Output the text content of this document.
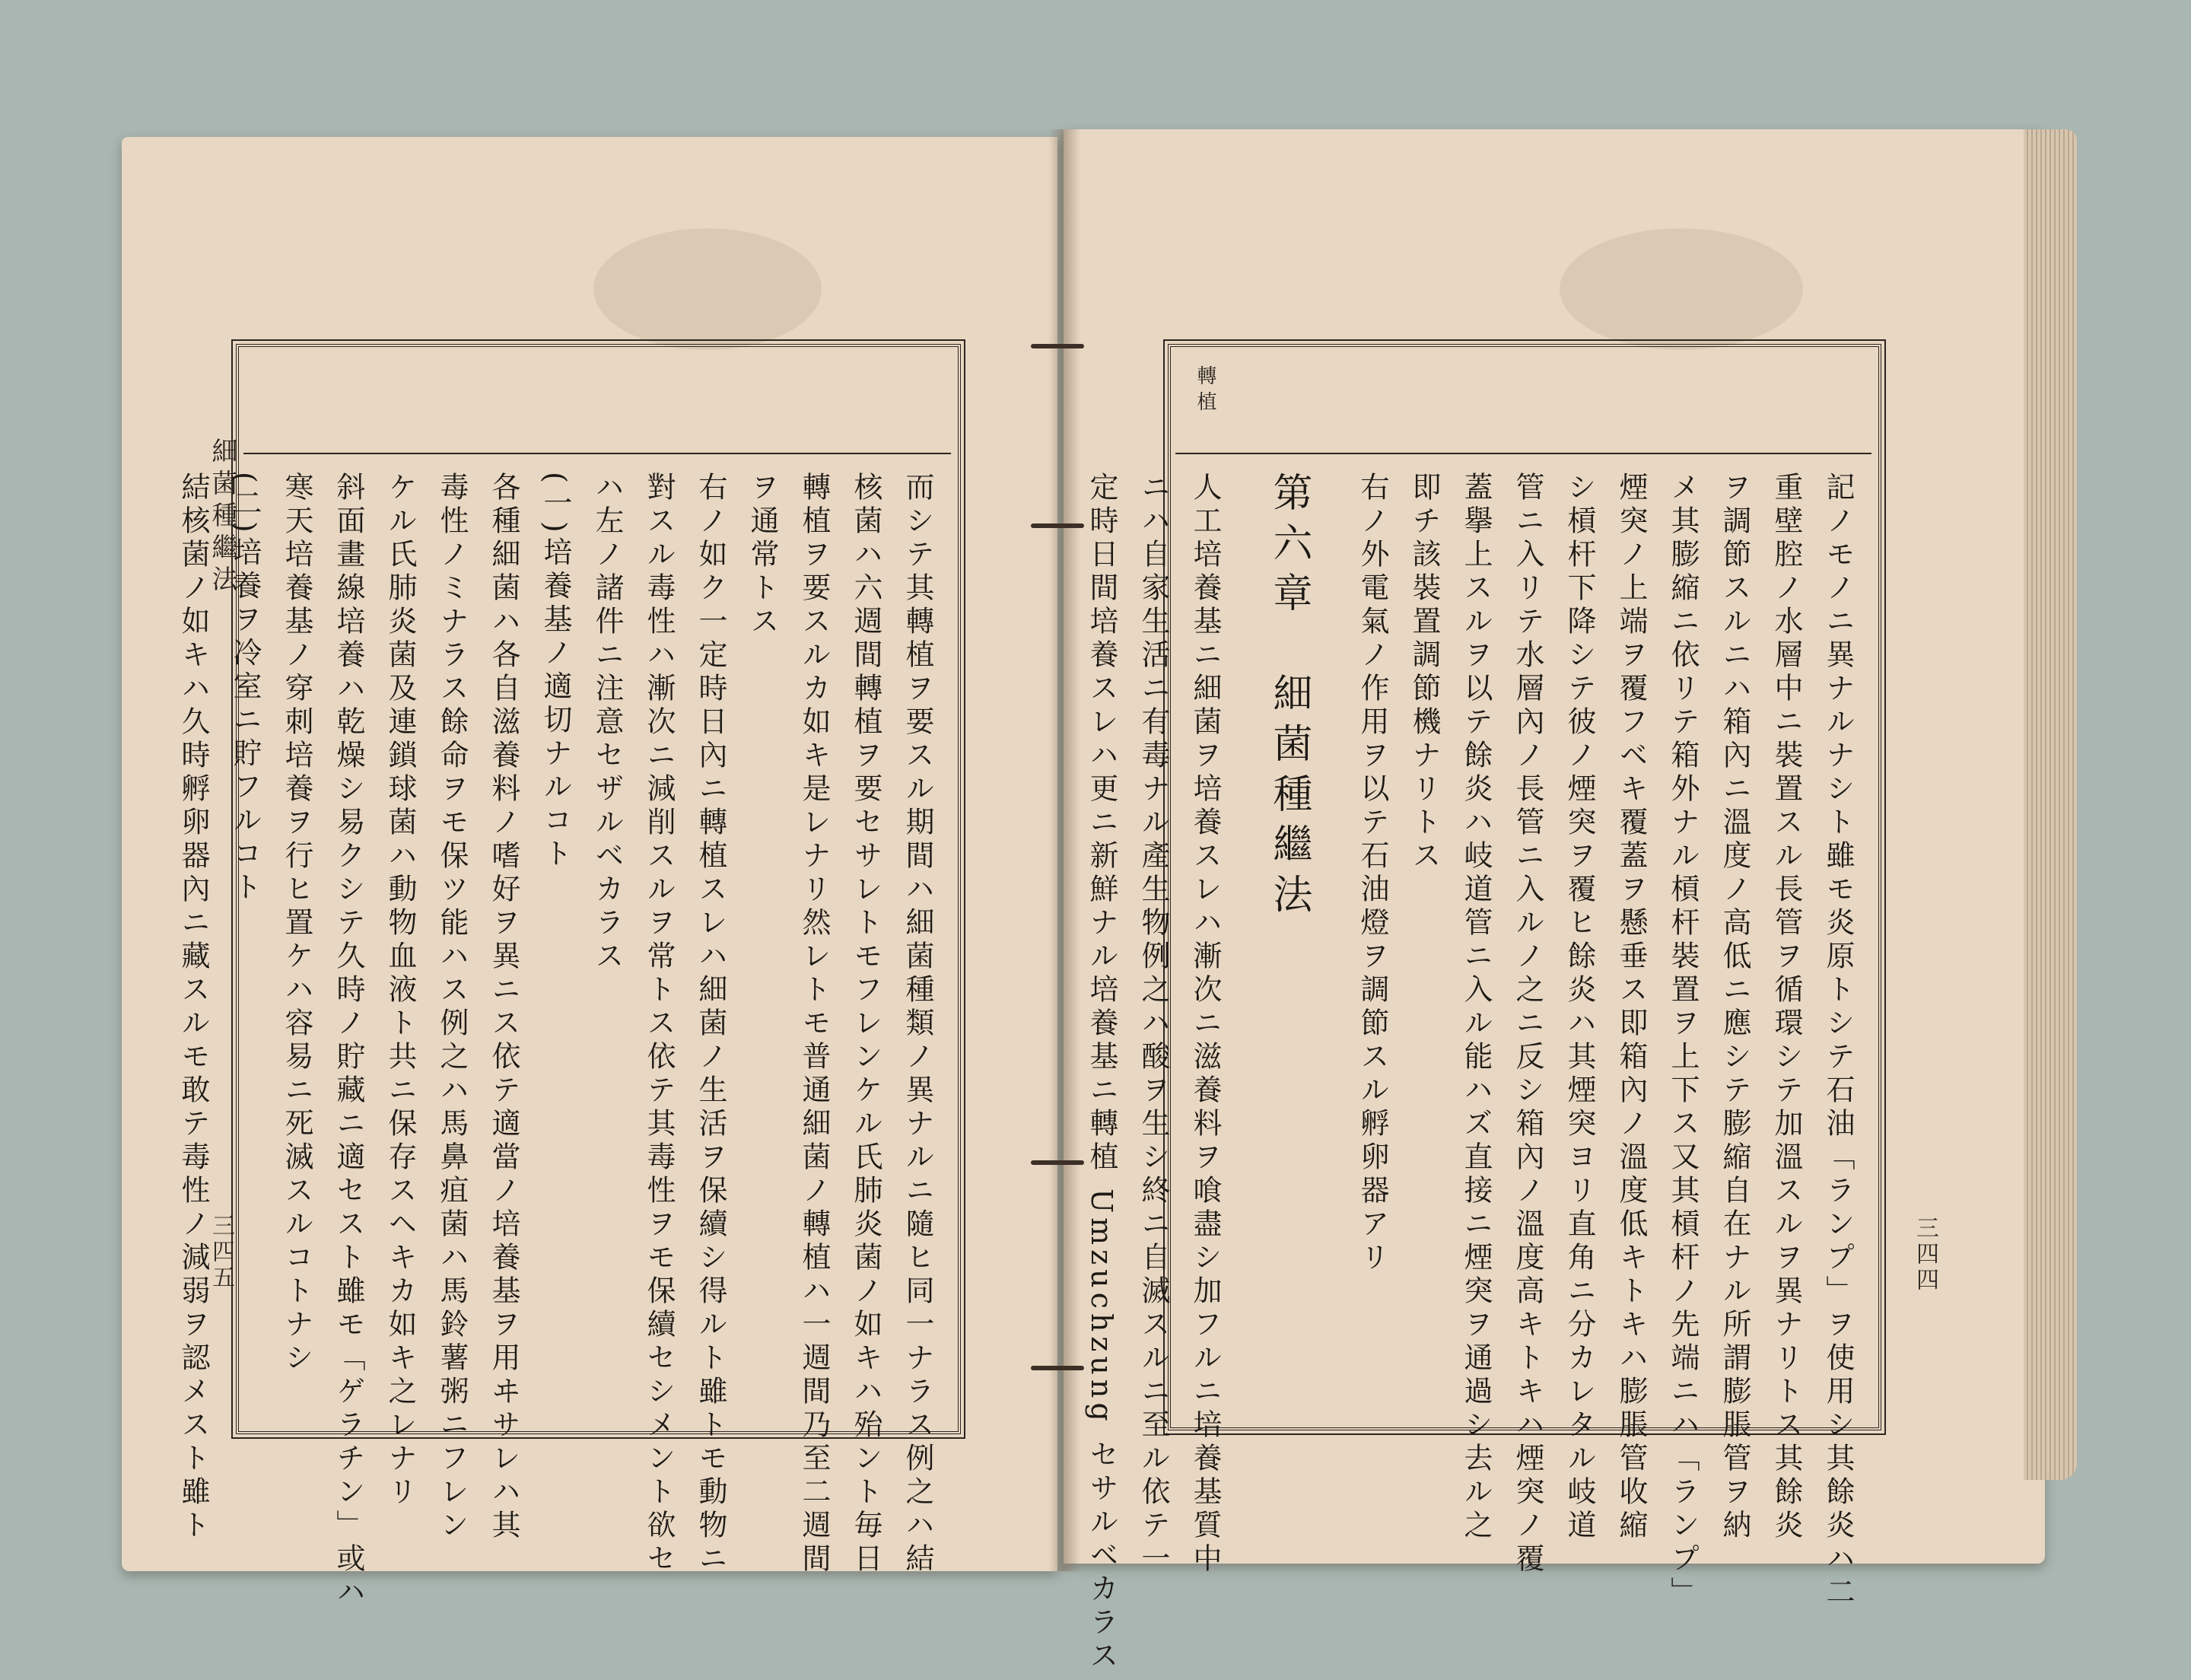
細菌種繼法
三四五
轉植
三四四
而シテ其轉植ヲ要スル期間ハ細菌種類ノ異ナルニ隨ヒ同一ナラス例之ハ結
核菌ハ六週間轉植ヲ要セサレトモフレンケル氏肺炎菌ノ如キハ殆ント毎日
轉植ヲ要スルカ如キ是レナリ然レトモ普通細菌ノ轉植ハ一週間乃至二週間
ヲ通常トス
右ノ如ク一定時日內ニ轉植スレハ細菌ノ生活ヲ保續シ得ルト雖トモ動物ニ
對スル毒性ハ漸次ニ減削スルヲ常トス依テ其毒性ヲモ保續セシメント欲セ
ハ左ノ諸件ニ注意セザルベカラス
(一)培養基ノ適切ナルコト
各種細菌ハ各自滋養料ノ嗜好ヲ異ニス依テ適當ノ培養基ヲ用ヰサレハ其
毒性ノミナラス餘命ヲモ保ツ能ハス例之ハ馬鼻疽菌ハ馬鈴薯粥ニフレン
ケル氏肺炎菌及連鎖球菌ハ動物血液ト共ニ保存スヘキカ如キ之レナリ
斜面畫線培養ハ乾燥シ易クシテ久時ノ貯藏ニ適セスト雖モ「ゲラチン」或ハ
寒天培養基ノ穿刺培養ヲ行ヒ置ケハ容易ニ死滅スルコトナシ
(二)培養ヲ冷室ニ貯フルコト
結核菌ノ如キハ久時孵卵器內ニ藏スルモ敢テ毒性ノ減弱ヲ認メスト雖ト	記ノモノニ異ナルナシト雖モ炎原トシテ石油「ランプ」ヲ使用シ其餘炎ハ二
重壁腔ノ水層中ニ裝置スル長管ヲ循環シテ加溫スルヲ異ナリトス其餘炎
ヲ調節スルニハ箱內ニ溫度ノ高低ニ應シテ膨縮自在ナル所謂膨脹管ヲ納
メ其膨縮ニ依リテ箱外ナル槓杆裝置ヲ上下ス又其槓杆ノ先端ニハ「ランプ」
煙突ノ上端ヲ覆フベキ覆蓋ヲ懸垂ス即箱內ノ溫度低キトキハ膨脹管收縮
シ槓杆下降シテ彼ノ煙突ヲ覆ヒ餘炎ハ其煙突ヨリ直角ニ分カレタル岐道
管ニ入リテ水層內ノ長管ニ入ルノ之ニ反シ箱內ノ溫度高キトキハ煙突ノ覆
蓋擧上スルヲ以テ餘炎ハ岐道管ニ入ル能ハズ直接ニ煙突ヲ通過シ去ル之
即チ該裝置調節機ナリトス
右ノ外電氣ノ作用ヲ以テ石油燈ヲ調節スル孵卵器アリ
第六章　細菌種繼法
人工培養基ニ細菌ヲ培養スレハ漸次ニ滋養料ヲ喰盡シ加フルニ培養基質中
ニハ自家生活ニ有毒ナル產生物例之ハ酸ヲ生シ終ニ自滅スルニ至ル依テ一
定時日間培養スレハ更ニ新鮮ナル培養基ニ轉植 Umzuchzung セサルベカラス
